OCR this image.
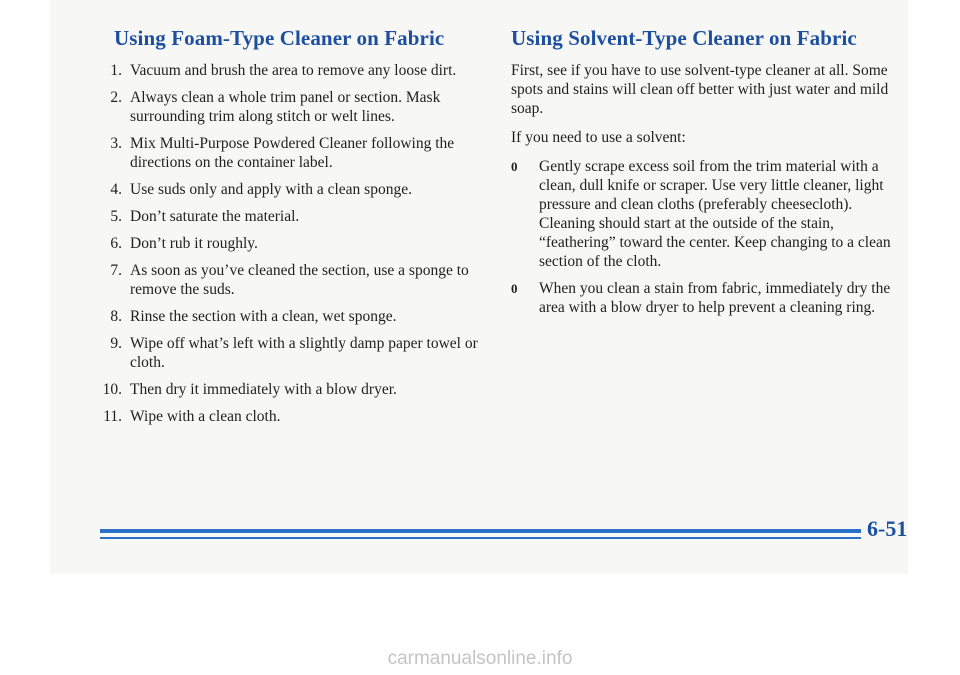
Using Foam-Type Cleaner on Fabric
1. Vacuum and brush the area to remove any loose dirt.
2. Always clean a whole trim panel or section. Mask surrounding trim along stitch or welt lines.
3. Mix Multi-Purpose Powdered Cleaner following the directions on the container label.
4. Use suds only and apply with a clean sponge.
5. Don’t saturate the material.
6. Don’t rub it roughly.
7. As soon as you’ve cleaned the section, use a sponge to remove the suds.
8. Rinse the section with a clean, wet sponge.
9. Wipe off what’s left with a slightly damp paper towel or cloth.
10. Then dry it immediately with a blow dryer.
11. Wipe with a clean cloth.
Using Solvent-Type Cleaner on Fabric

First, see if you have to use solvent-type cleaner at all. Some spots and stains will clean off better with just water and mild soap.

If you need to use a solvent:

0 Gently scrape excess soil from the trim material with a clean, dull knife or scraper. Use very little cleaner, light pressure and clean cloths (preferably cheesecloth). Cleaning should start at the outside of the stain, “feathering” toward the center. Keep changing to a clean section of the cloth.
0 When you clean a stain from fabric, immediately dry the area with a blow dryer to help prevent a cleaning ring.
6-51
carmanualsonline.info
